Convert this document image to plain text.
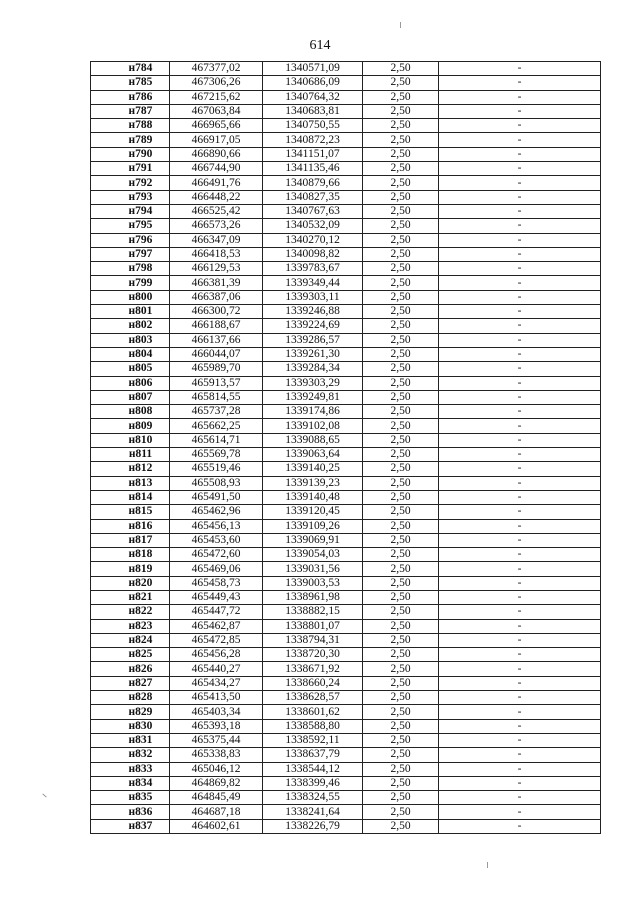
614
н784	467377,02	1340571,09	2,50	-
н785	467306,26	1340686,09	2,50	-
н786	467215,62	1340764,32	2,50	-
н787	467063,84	1340683,81	2,50	-
н788	466965,66	1340750,55	2,50	-
н789	466917,05	1340872,23	2,50	-
н790	466890,66	1341151,07	2,50	-
н791	466744,90	1341135,46	2,50	-
н792	466491,76	1340879,66	2,50	-
н793	466448,22	1340827,35	2,50	-
н794	466525,42	1340767,63	2,50	-
н795	466573,26	1340532,09	2,50	-
н796	466347,09	1340270,12	2,50	-
н797	466418,53	1340098,82	2,50	-
н798	466129,53	1339783,67	2,50	-
н799	466381,39	1339349,44	2,50	-
н800	466387,06	1339303,11	2,50	-
н801	466300,72	1339246,88	2,50	-
н802	466188,67	1339224,69	2,50	-
н803	466137,66	1339286,57	2,50	-
н804	466044,07	1339261,30	2,50	-
н805	465989,70	1339284,34	2,50	-
н806	465913,57	1339303,29	2,50	-
н807	465814,55	1339249,81	2,50	-
н808	465737,28	1339174,86	2,50	-
н809	465662,25	1339102,08	2,50	-
н810	465614,71	1339088,65	2,50	-
н811	465569,78	1339063,64	2,50	-
н812	465519,46	1339140,25	2,50	-
н813	465508,93	1339139,23	2,50	-
н814	465491,50	1339140,48	2,50	-
н815	465462,96	1339120,45	2,50	-
н816	465456,13	1339109,26	2,50	-
н817	465453,60	1339069,91	2,50	-
н818	465472,60	1339054,03	2,50	-
н819	465469,06	1339031,56	2,50	-
н820	465458,73	1339003,53	2,50	-
н821	465449,43	1338961,98	2,50	-
н822	465447,72	1338882,15	2,50	-
н823	465462,87	1338801,07	2,50	-
н824	465472,85	1338794,31	2,50	-
н825	465456,28	1338720,30	2,50	-
н826	465440,27	1338671,92	2,50	-
н827	465434,27	1338660,24	2,50	-
н828	465413,50	1338628,57	2,50	-
н829	465403,34	1338601,62	2,50	-
н830	465393,18	1338588,80	2,50	-
н831	465375,44	1338592,11	2,50	-
н832	465338,83	1338637,79	2,50	-
н833	465046,12	1338544,12	2,50	-
н834	464869,82	1338399,46	2,50	-
н835	464845,49	1338324,55	2,50	-
н836	464687,18	1338241,64	2,50	-
н837	464602,61	1338226,79	2,50	-
